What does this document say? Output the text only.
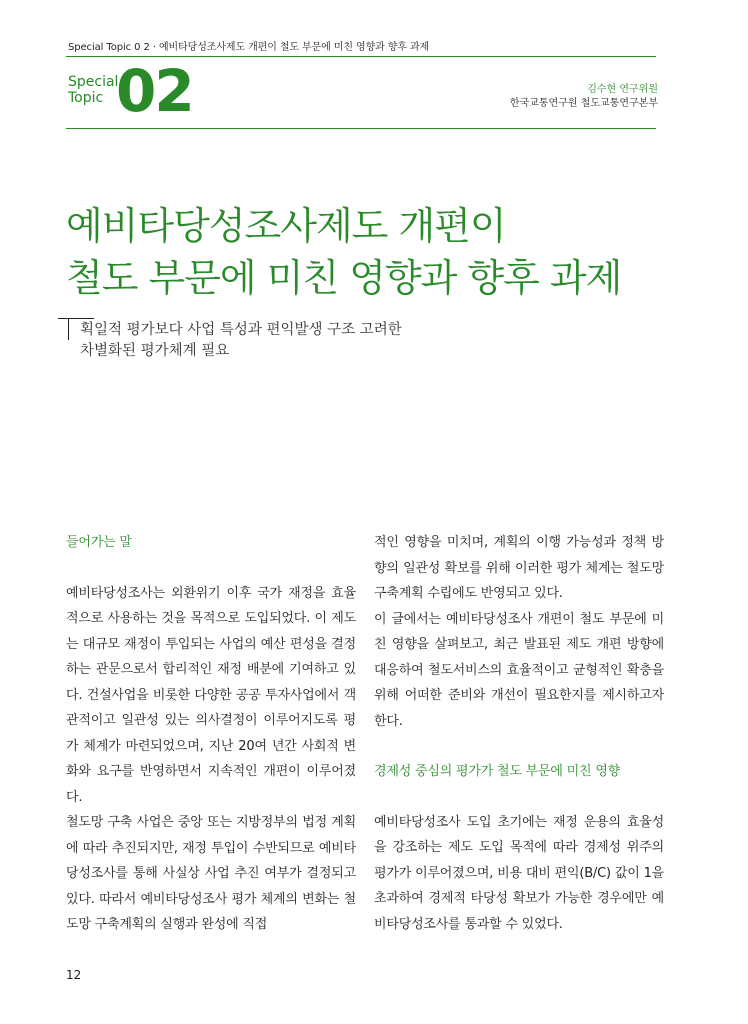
Special Topic 0 2 · 예비타당성조사제도 개편이 철도 부문에 미친 영향과 향후 과제
Special
Topic 02	김수현 연구위원
한국교통연구원 철도교통연구본부
예비타당성조사제도 개편이
철도 부문에 미친 영향과 향후 과제
획일적 평가보다 사업 특성과 편익발생 구조 고려한
차별화된 평가체계 필요
들어가는 말

예비타당성조사는 외환위기 이후 국가 재정을 효율적으로 사용하는 것을 목적으로 도입되었다. 이 제도는 대규모 재정이 투입되는 사업의 예산 편성을 결정하는 관문으로서 합리적인 재정 배분에 기여하고 있다. 건설사업을 비롯한 다양한 공공 투자사업에서 객관적이고 일관성 있는 의사결정이 이루어지도록 평가 체계가 마련되었으며, 지난 20여 년간 사회적 변화와 요구를 반영하면서 지속적인 개편이 이루어졌다.

철도망 구축 사업은 중앙 또는 지방정부의 법정 계획에 따라 추진되지만, 재정 투입이 수반되므로 예비타당성조사를 통해 사실상 사업 추진 여부가 결정되고 있다. 따라서 예비타당성조사 평가 체계의 변화는 철도망 구축계획의 실행과 완성에 직접

적인 영향을 미치며, 계획의 이행 가능성과 정책 방향의 일관성 확보를 위해 이러한 평가 체계는 철도망 구축계획 수립에도 반영되고 있다.

이 글에서는 예비타당성조사 개편이 철도 부문에 미친 영향을 살펴보고, 최근 발표된 제도 개편 방향에 대응하여 철도서비스의 효율적이고 균형적인 확충을 위해 어떠한 준비와 개선이 필요한지를 제시하고자 한다.

경제성 중심의 평가가 철도 부문에 미친 영향

예비타당성조사 도입 초기에는 재정 운용의 효율성을 강조하는 제도 도입 목적에 따라 경제성 위주의 평가가 이루어졌으며, 비용 대비 편익(B/C) 값이 1을 초과하여 경제적 타당성 확보가 가능한 경우에만 예비타당성조사를 통과할 수 있었다.

12
